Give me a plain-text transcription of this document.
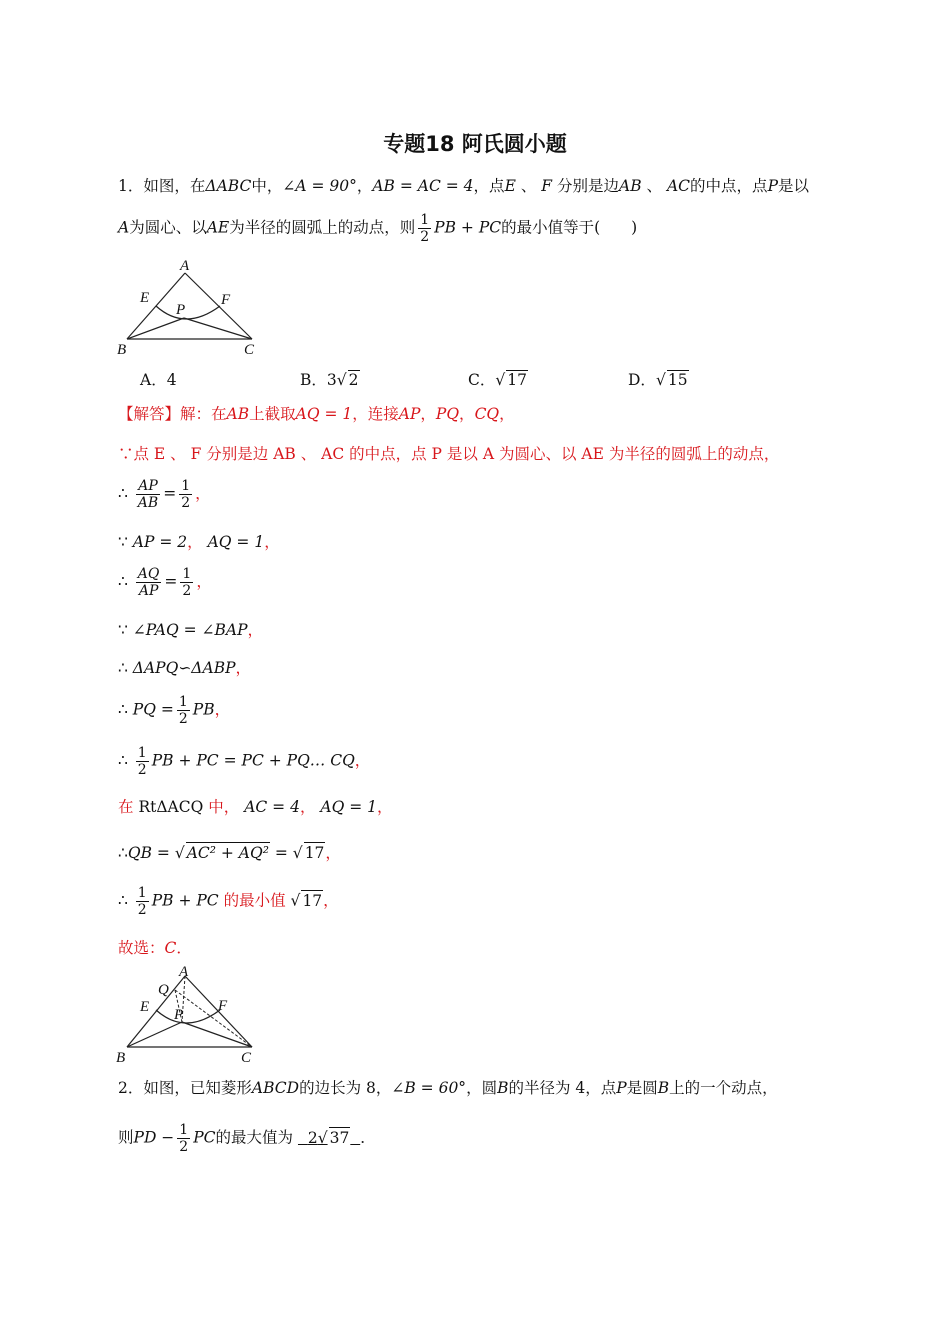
专题18 阿氏圆小题
1．如图，在ΔABC中，∠A = 90°，AB = AC = 4，点E 、 F 分别是边AB 、 AC的中点，点P是以
A为圆心、以AE为半径的圆弧上的动点，则 $\frac{1}{2}$ PB + PC的最小值等于(　　)
A
E	F
P
B	C
A．4	B．3√ 2	C．√ 17	D．√ 15
【解答】解：在AB上截取AQ = 1，连接AP，PQ，CQ，
∵点 E 、 F 分别是边 AB 、 AC 的中点，点 P 是以 A 为圆心、以 AE 为半径的圆弧上的动点，
∴ $\frac{AP}{AB} = \frac{1}{2}$ ，
∵ AP = 2， AQ = 1，
∴ $\frac{AQ}{AP} = \frac{1}{2}$ ，
∵ ∠PAQ = ∠BAP，
∴ ΔAPQ∽ΔABP，
∴ PQ = $\frac{1}{2}$ PB，
∴ $\frac{1}{2}$ PB + PC = PC + PQ… CQ，
在 RtΔACQ 中， AC = 4， AQ = 1，
∴QB = √ AC² + AQ² = √ 17，
∴ $\frac{1}{2}$ PB + PC 的最小值 √ 17，
故选：C．
A
Q
E	F
P
B	C
2．如图，已知菱形ABCD的边长为 8，∠B = 60°，圆B的半径为 4，点P是圆B上的一个动点，
则PD − $\frac{1}{2}$ PC的最大值为 2√ 37 ．
